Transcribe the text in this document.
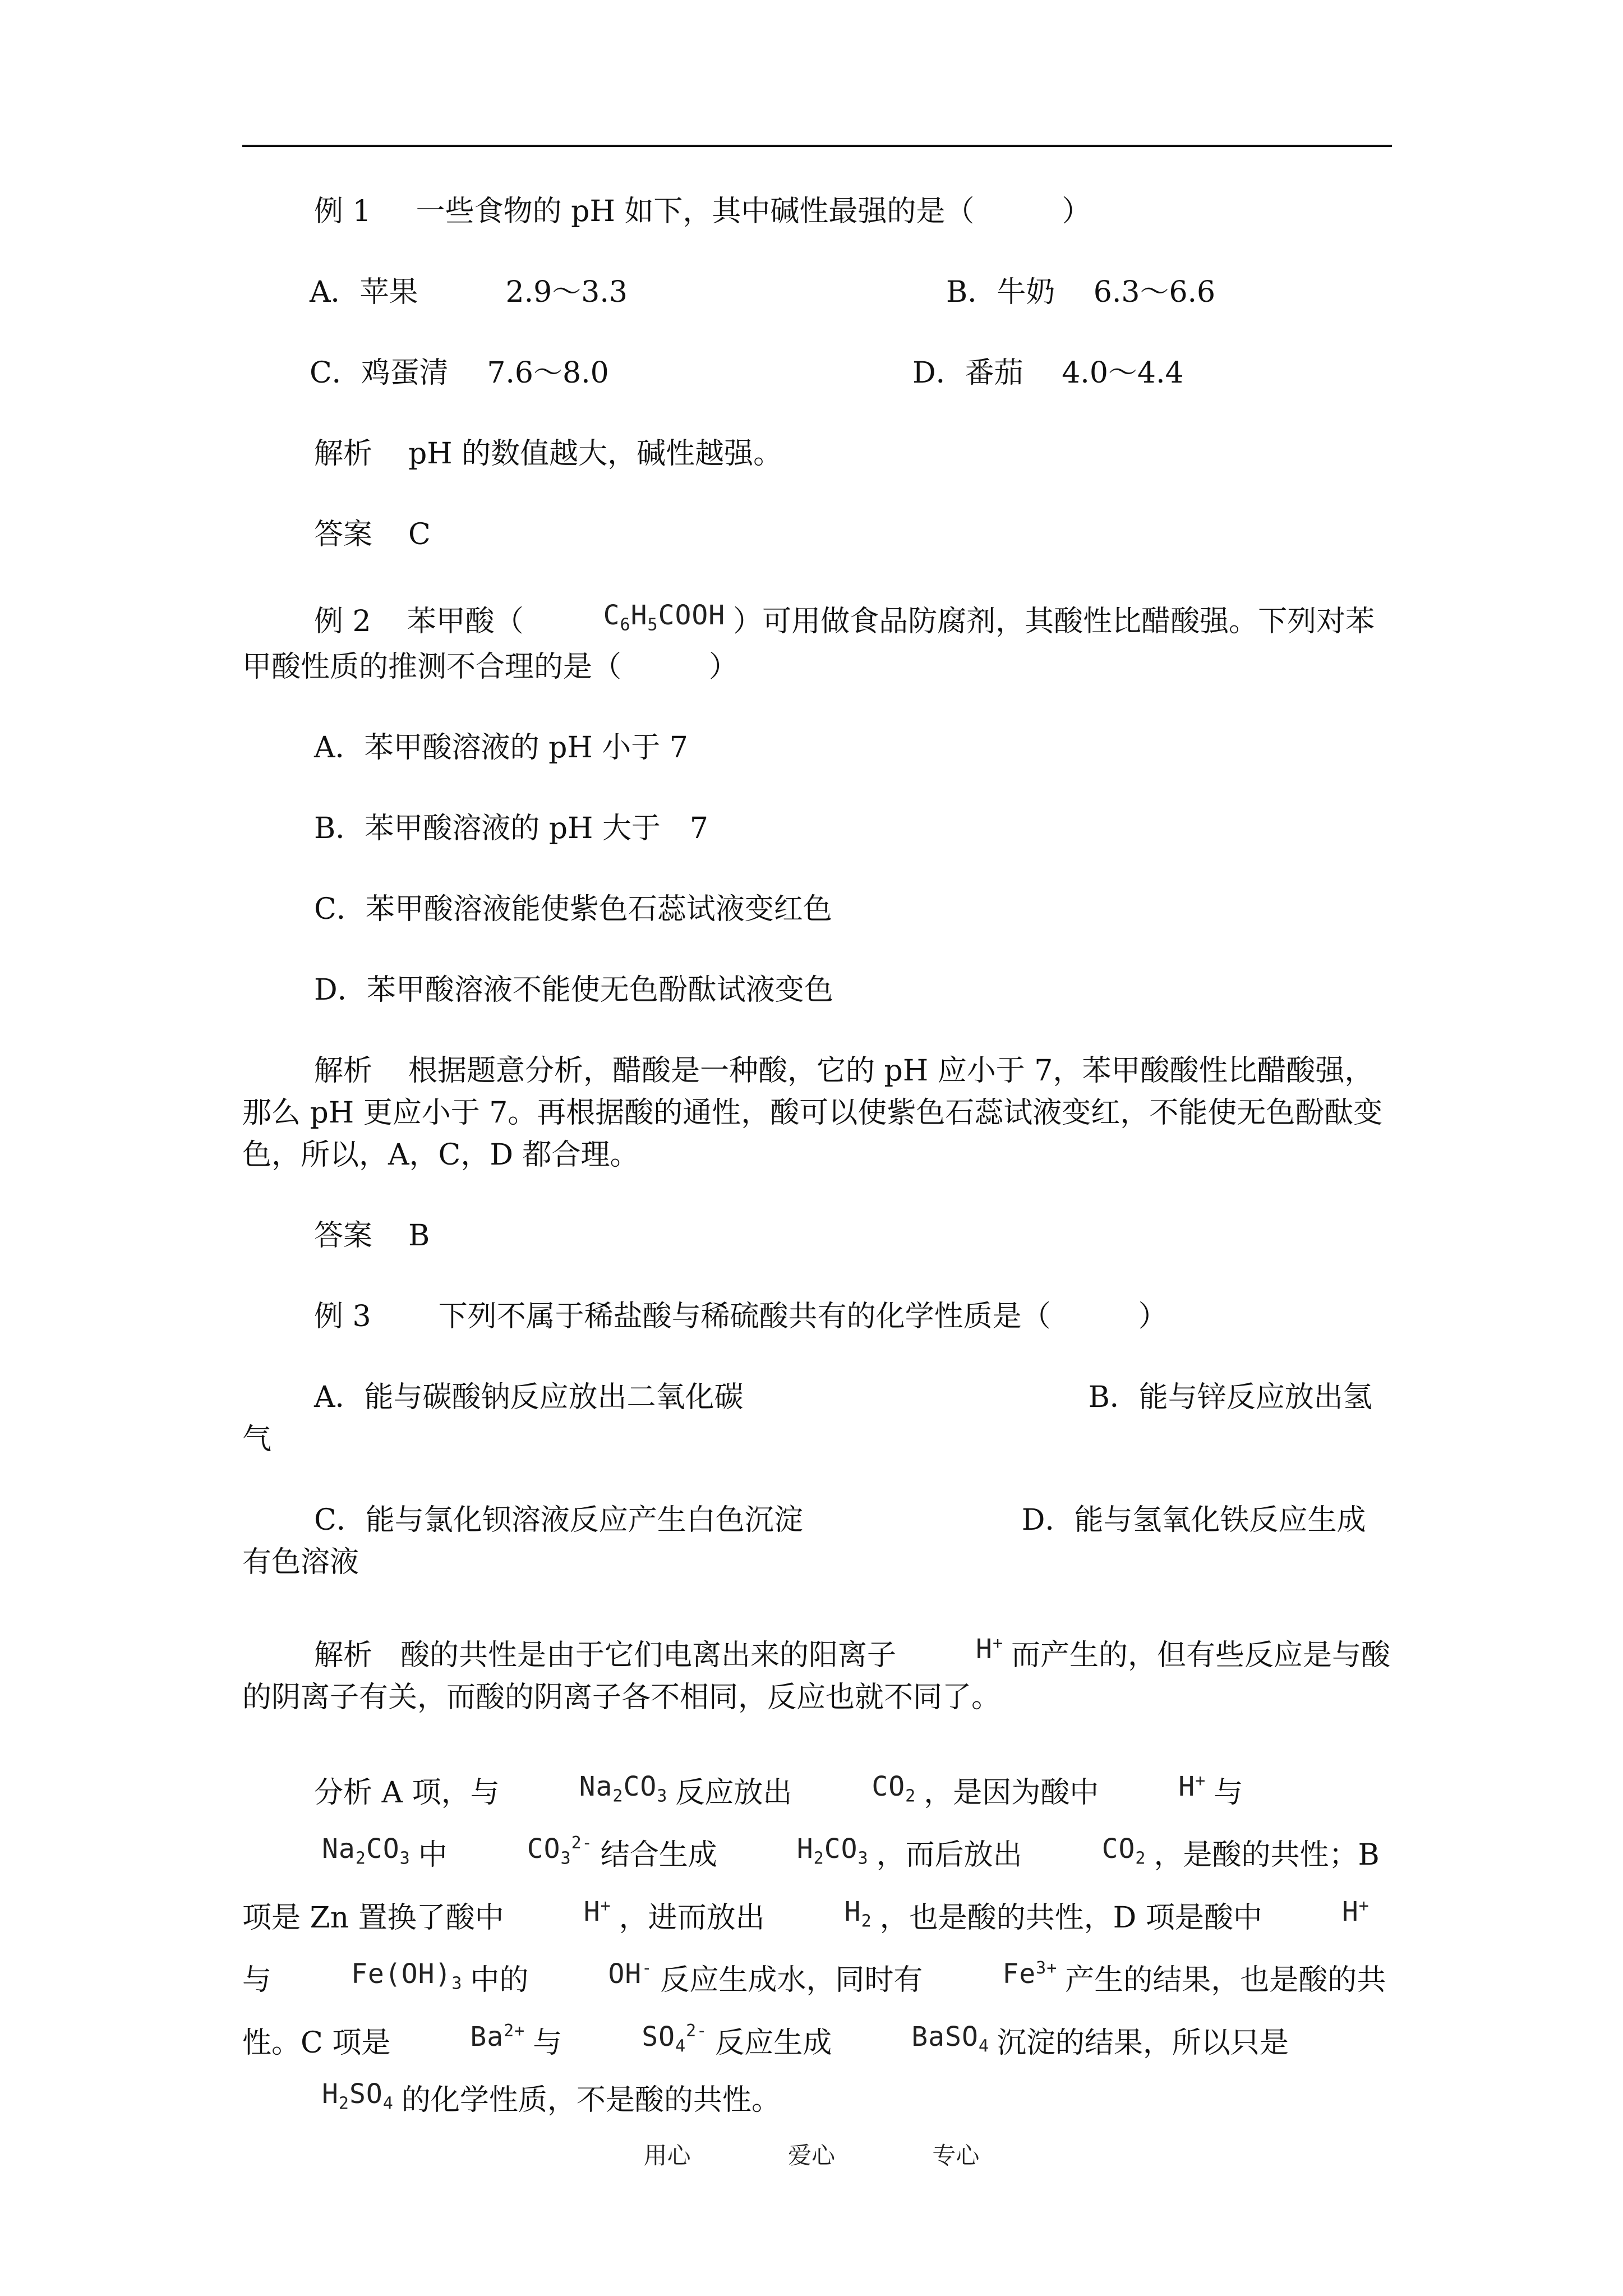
例 1 一些食物的 pH 如下，其中碱性最强的是（　　　）

A．苹果　　　2.9～3.3	B．牛奶　 6.3～6.6
C．鸡蛋清　 7.6～8.0	D．番茄　 4.0～4.4

解析 pH 的数值越大，碱性越强。

答案 C

例 2 苯甲酸（	$C_6H_5COOH$ ）可用做食品防腐剂，其酸性比醋酸强。下列对苯甲酸性质的推测不合理的是（　　　）

A．苯甲酸溶液的 pH 小于 7

B．苯甲酸溶液的 pH 大于　7

C．苯甲酸溶液能使紫色石蕊试液变红色

D．苯甲酸溶液不能使无色酚酞试液变色

解析 根据题意分析，醋酸是一种酸，它的 pH 应小于 7，苯甲酸酸性比醋酸强，那么 pH 更应小于 7。再根据酸的通性，酸可以使紫色石蕊试液变红，不能使无色酚酞变色，所以，A，C，D 都合理。

答案 B

例 3 下列不属于稀盐酸与稀硫酸共有的化学性质是（　　　）

A．能与碳酸钠反应放出二氧化碳	B．能与锌反应放出氢气

C．能与氯化钡溶液反应产生白色沉淀	D．能与氢氧化铁反应生成有色溶液

解析 酸的共性是由于它们电离出来的阳离子	H+ 而产生的，但有些反应是与酸的阴离子有关，而酸的阴离子各不相同，反应也就不同了。

分析 A 项，与	$Na_2CO_3$ 反应放出	$CO_2$ ，是因为酸中	H+ 与$Na_2CO_3$ 中	$CO_3^{2-}$ 结合生成	$H_2CO_3$ ，而后放出	$CO_2$ ，是酸的共性；B 项是 Zn 置换了酸中	H+ ，进而放出	$H_2$ ，也是酸的共性，D 项是酸中	H+与	$Fe(OH)_3$ 中的	OH- 反应生成水，同时有	$Fe^{3+}$ 产生的结果，也是酸的共性。C 项是	$Ba^{2+}$ 与	$SO_4^{2-}$ 反应生成	BaSO$_4$ 沉淀的结果，所以只是$H_2SO_4$ 的化学性质，不是酸的共性。

用心	爱心	专心
